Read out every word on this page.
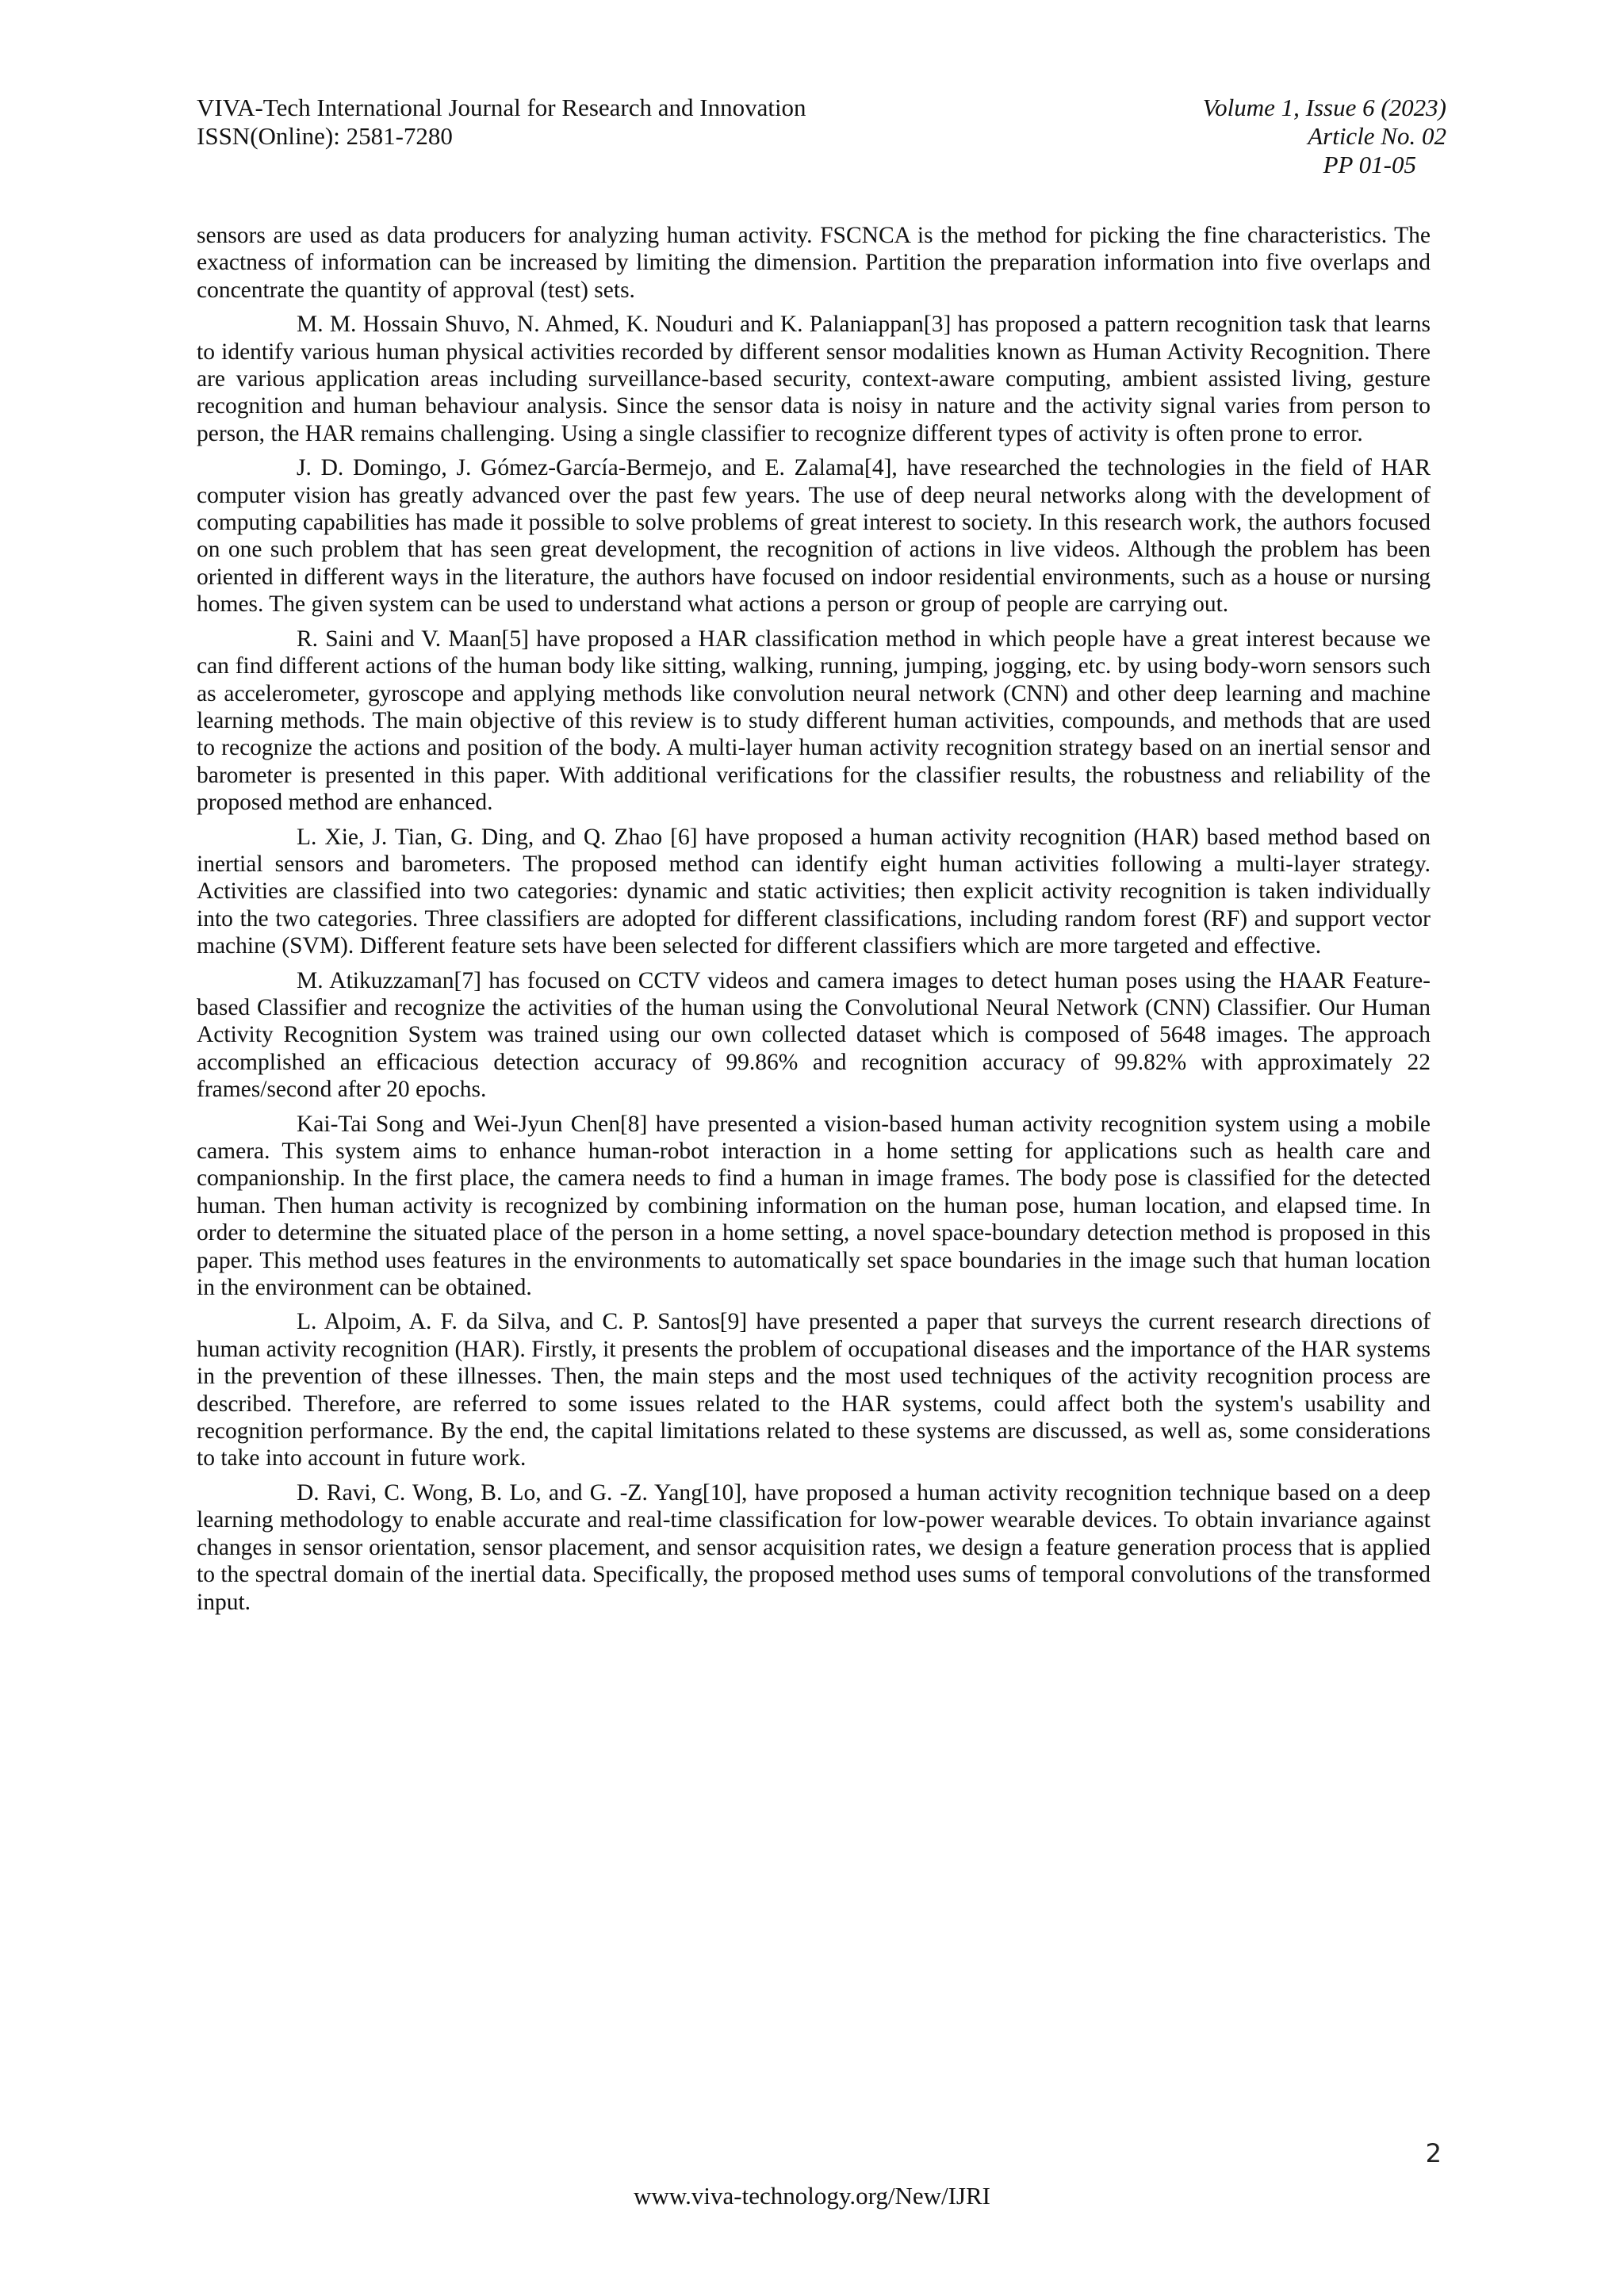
VIVA-Tech International Journal for Research and Innovation
ISSN(Online): 2581-7280
Volume 1, Issue 6 (2023)
Article No. 02
PP 01-05

sensors are used as data producers for analyzing human activity. FSCNCA is the method for picking the fine characteristics. The exactness of information can be increased by limiting the dimension. Partition the preparation information into five overlaps and concentrate the quantity of approval (test) sets.

M. M. Hossain Shuvo, N. Ahmed, K. Nouduri and K. Palaniappan[3] has proposed a pattern recognition task that learns to identify various human physical activities recorded by different sensor modalities known as Human Activity Recognition. There are various application areas including surveillance-based security, context-aware computing, ambient assisted living, gesture recognition and human behaviour analysis. Since the sensor data is noisy in nature and the activity signal varies from person to person, the HAR remains challenging. Using a single classifier to recognize different types of activity is often prone to error.

J. D. Domingo, J. Gómez-García-Bermejo, and E. Zalama[4], have researched the technologies in the field of HAR computer vision has greatly advanced over the past few years. The use of deep neural networks along with the development of computing capabilities has made it possible to solve problems of great interest to society. In this research work, the authors focused on one such problem that has seen great development, the recognition of actions in live videos. Although the problem has been oriented in different ways in the literature, the authors have focused on indoor residential environments, such as a house or nursing homes. The given system can be used to understand what actions a person or group of people are carrying out.

R. Saini and V. Maan[5] have proposed a HAR classification method in which people have a great interest because we can find different actions of the human body like sitting, walking, running, jumping, jogging, etc. by using body-worn sensors such as accelerometer, gyroscope and applying methods like convolution neural network (CNN) and other deep learning and machine learning methods. The main objective of this review is to study different human activities, compounds, and methods that are used to recognize the actions and position of the body. A multi-layer human activity recognition strategy based on an inertial sensor and barometer is presented in this paper. With additional verifications for the classifier results, the robustness and reliability of the proposed method are enhanced.

L. Xie, J. Tian, G. Ding, and Q. Zhao [6] have proposed a human activity recognition (HAR) based method based on inertial sensors and barometers. The proposed method can identify eight human activities following a multi-layer strategy. Activities are classified into two categories: dynamic and static activities; then explicit activity recognition is taken individually into the two categories. Three classifiers are adopted for different classifications, including random forest (RF) and support vector machine (SVM). Different feature sets have been selected for different classifiers which are more targeted and effective.

M. Atikuzzaman[7] has focused on CCTV videos and camera images to detect human poses using the HAAR Feature-based Classifier and recognize the activities of the human using the Convolutional Neural Network (CNN) Classifier. Our Human Activity Recognition System was trained using our own collected dataset which is composed of 5648 images. The approach accomplished an efficacious detection accuracy of 99.86% and recognition accuracy of 99.82% with approximately 22 frames/second after 20 epochs.

Kai-Tai Song and Wei-Jyun Chen[8] have presented a vision-based human activity recognition system using a mobile camera. This system aims to enhance human-robot interaction in a home setting for applications such as health care and companionship. In the first place, the camera needs to find a human in image frames. The body pose is classified for the detected human. Then human activity is recognized by combining information on the human pose, human location, and elapsed time. In order to determine the situated place of the person in a home setting, a novel space-boundary detection method is proposed in this paper. This method uses features in the environments to automatically set space boundaries in the image such that human location in the environment can be obtained.

L. Alpoim, A. F. da Silva, and C. P. Santos[9] have presented a paper that surveys the current research directions of human activity recognition (HAR). Firstly, it presents the problem of occupational diseases and the importance of the HAR systems in the prevention of these illnesses. Then, the main steps and the most used techniques of the activity recognition process are described. Therefore, are referred to some issues related to the HAR systems, could affect both the system's usability and recognition performance. By the end, the capital limitations related to these systems are discussed, as well as, some considerations to take into account in future work.

D. Ravi, C. Wong, B. Lo, and G. -Z. Yang[10], have proposed a human activity recognition technique based on a deep learning methodology to enable accurate and real-time classification for low-power wearable devices. To obtain invariance against changes in sensor orientation, sensor placement, and sensor acquisition rates, we design a feature generation process that is applied to the spectral domain of the inertial data. Specifically, the proposed method uses sums of temporal convolutions of the transformed input.

2
www.viva-technology.org/New/IJRI
